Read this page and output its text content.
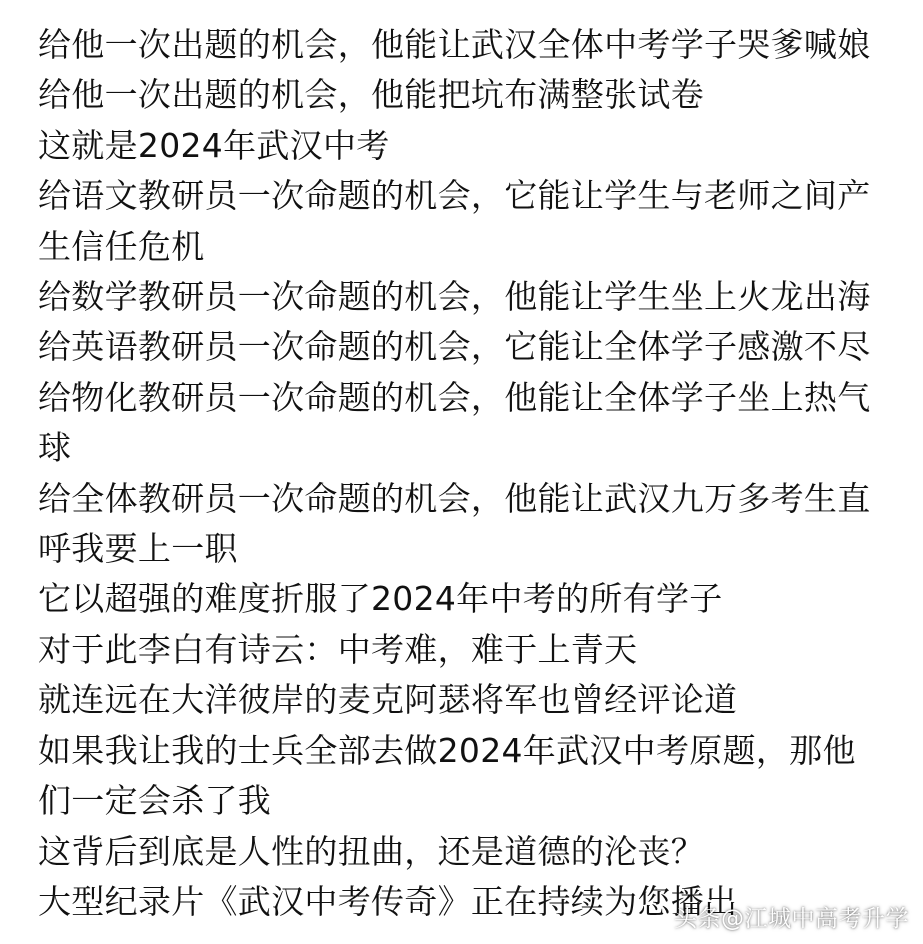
给他一次出题的机会，他能让武汉全体中考学子哭爹喊娘
给他一次出题的机会，他能把坑布满整张试卷
这就是2024年武汉中考
给语文教研员一次命题的机会，它能让学生与老师之间产
生信任危机
给数学教研员一次命题的机会，他能让学生坐上火龙出海
给英语教研员一次命题的机会，它能让全体学子感激不尽
给物化教研员一次命题的机会，他能让全体学子坐上热气
球
给全体教研员一次命题的机会，他能让武汉九万多考生直
呼我要上一职
它以超强的难度折服了2024年中考的所有学子
对于此李白有诗云：中考难，难于上青天
就连远在大洋彼岸的麦克阿瑟将军也曾经评论道
如果我让我的士兵全部去做2024年武汉中考原题，那他
们一定会杀了我
这背后到底是人性的扭曲，还是道德的沦丧？
大型纪录片《武汉中考传奇》正在持续为您播出
头条@江城中高考升学
